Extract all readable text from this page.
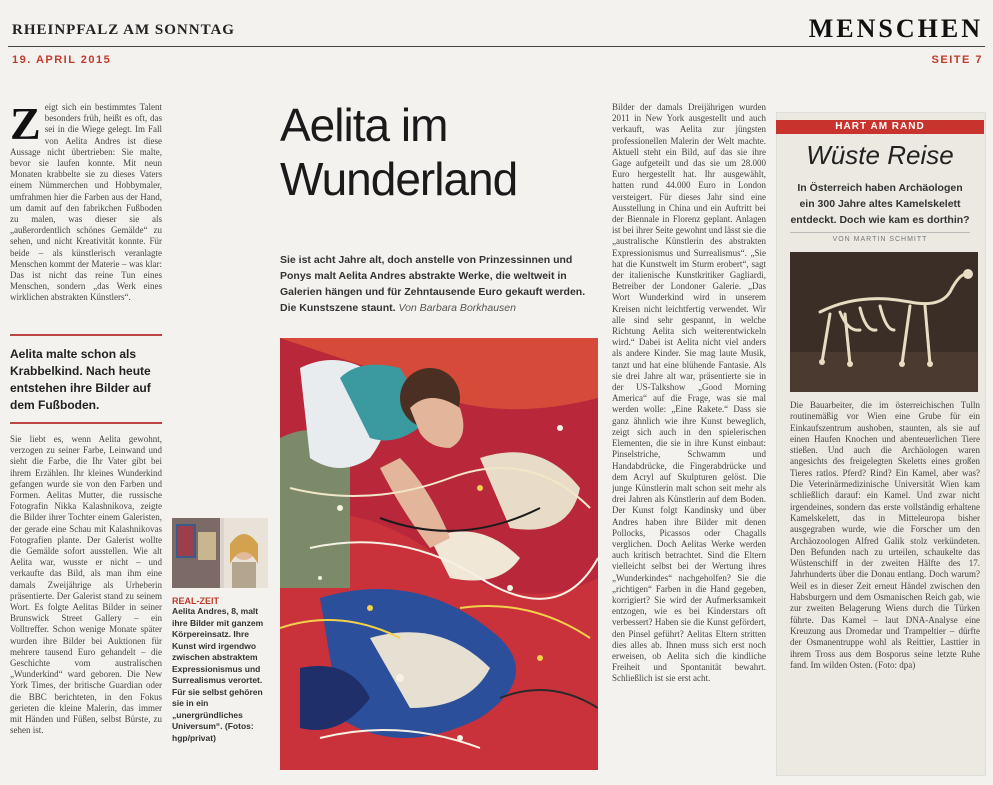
RHEINPFALZ AM SONNTAG	MENSCHEN
19. APRIL 2015	SEITE 7
Z eigt sich ein bestimmtes Talent besonders früh, heißt es oft, das sei in die Wiege gelegt. Im Fall von Aelita Andres ist diese Aussage nicht übertrieben: Sie malte, bevor sie laufen konnte. Mit neun Monaten krabbelte sie zu dieses Vaters einem Nümmerchen und Hobbymaler, umfrahmen hier die Farben aus der Hand, um damit auf den fabrikchen Fußboden zu malen, was dieser sie als „außerordentlich schönes Gemälde“ zu sehen, und nicht Kreativität konnte. Für beide – als künstlerisch veranlagte Menschen kommt der Materie – was klar: Das ist nicht das reine Tun eines Menschen, sondern „das Werk eines wirklichen abstrakten Künstlers“.
Aelita malte schon als Krabbelkind. Nach heute entstehen ihre Bilder auf dem Fußboden.
Sie liebt es, wenn Aelita gewohnt, verzogen zu seiner Farbe, Leinwand und sieht die Farbe, die Ihr Vater gibt bei ihrem Erzählen. Ihr kleines Wunderkind gefangen wurde sie von den Farben und Formen. Aelitas Mutter, die russische Fotografin Nikka Kalashnikova, zeigte die Bilder ihrer Tochter einem Galeristen, der gerade eine Schau mit Kalashnikovas Fotografien plante. Der Galerist wollte die Gemälde sofort ausstellen. Wie alt Aelita war, wusste er nicht – und verkaufte das Bild, als man ihm eine damals Zweijährige als Urheberin präsentierte. Der Galerist stand zu seinem Wort. Es folgte Aelitas Bilder in seiner Brunswick Street Gallery – ein Volltreffer. Schon wenige Monate später wurden ihre Bilder bei Auktionen für mehrere tausend Euro gehandelt – die Geschichte vom australischen „Wunderkind“ ward geboren. Die New York Times, der britische Guardian oder die BBC berichteten, in den Fokus gerieten die kleine Malerin, das immer mit Händen und Füßen, selbst Bürste, zu sehen ist.
REAL-ZEIT
Aelita Andres, 8, malt ihre Bilder mit ganzem Körpereinsatz. Ihre Kunst wird irgendwo zwischen abstraktem Expressionismus und Surrealismus verortet. Für sie selbst gehören sie in ein „unergründliches Universum“. (Fotos: hgp/privat)
Aelita im
Wunderland
Sie ist acht Jahre alt, doch anstelle von Prinzessinnen und Ponys malt Aelita Andres abstrakte Werke, die weltweit in Galerien hängen und für Zehntausende Euro gekauft werden. Die Kunstszene staunt. Von Barbara Borkhausen
Bilder der damals Dreijährigen wurden 2011 in New York ausgestellt und auch verkauft, was Aelita zur jüngsten professionellen Malerin der Welt machte. Aktuell steht ein Bild, auf das sie ihre Gage aufgeteilt und das sie um 28.000 Euro hergestellt hat. Ihr ausgewählt, hatten rund 44.000 Euro in London versteigert. Für dieses Jahr sind eine Ausstellung in China und ein Auftritt bei der Biennale in Florenz geplant. Anlagen ist bei ihrer Seite gewohnt und lässt sie die „australische Künstlerin des abstrakten Expressionismus und Surrealismus“. „Sie hat die Kunstwelt im Sturm erobert“, sagt der italienische Kunstkritiker Gagliardi, Betreiber der Londoner Galerie. „Das Wort Wunderkind wird in unserem Kreisen nicht leichtfertig verwendet. Wir alle sind sehr gespannt, in welche Richtung Aelita sich weiterentwickeln wird.“ Dabei ist Aelita nicht viel anders als andere Kinder. Sie mag laute Musik, tanzt und hat eine blühende Fantasie. Als sie drei Jahre alt war, präsentierte sie in der US-Talkshow „Good Morning America“ auf die Frage, was sie mal werden wolle: „Eine Rakete.“ Dass sie ganz ähnlich wie ihre Kunst beweglich, zeigt sich auch in den spielerischen Elementen, die sie in ihre Kunst einbaut: Pinselstriche, Schwamm und Handabdrücke, die Fingerabdrücke und dem Acryl auf Skulpturen gelöst. Die junge Künstlerin malt schon seit mehr als drei Jahren als Künstlerin auf dem Boden. Der Kunst folgt Kandinsky und über Andres haben ihre Bilder mit denen Pollocks, Picassos oder Chagalls verglichen. Doch Aelitas Werke werden auch kritisch betrachtet. Sind die Eltern vielleicht selbst bei der Wertung ihres „Wunderkindes“ nachgeholfen? Sie die „richtigen“ Farben in die Hand gegeben, korrigiert? Sie wird der Aufmerksamkeit entzogen, wie es bei Kinderstars oft verbessert? Haben sie die Kunst gefördert, den Pinsel geführt? Aelitas Eltern stritten dies alles ab. Ihnen muss sich erst noch erweisen, ob Aelita sich die kindliche Freiheit und Spontanität bewahrt. Schließlich ist sie erst acht.
HART AM RAND
Wüste Reise
In Österreich haben Archäologen ein 300 Jahre altes Kamelskelett entdeckt. Doch wie kam es dorthin?
VON MARTIN SCHMITT
Die Bauarbeiter, die im österreichischen Tulln routinemäßig vor Wien eine Grube für ein Einkaufszentrum aushoben, staunten, als sie auf einen Haufen Knochen und abenteuerlichen Tiere stießen. Und auch die Archäologen waren angesichts des freigelegten Skeletts eines großen Tieres ratlos. Pferd? Rind? Ein Kamel, aber was? Die Veterinärmedizinische Universität Wien kam schließlich darauf: ein Kamel. Und zwar nicht irgendeines, sondern das erste vollständig erhaltene Kamelskelett, das in Mitteleuropa bisher ausgegraben wurde, wie die Forscher um den Archäozoologen Alfred Galik stolz verkündeten. Den Befunden nach zu urteilen, schaukelte das Wüstenschiff in der zweiten Hälfte des 17. Jahrhunderts über die Donau entlang. Doch warum? Weil es in dieser Zeit erneut Händel zwischen den Habsburgern und dem Osmanischen Reich gab, wie zur zweiten Belagerung Wiens durch die Türken führte. Das Kamel – laut DNA-Analyse eine Kreuzung aus Dromedar und Trampeltier – dürfte der Osmanentruppe wohl als Reittier, Lasttier in ihrem Tross aus dem Bosporus seine letzte Ruhe fand. Im wilden Osten. (Foto: dpa)
